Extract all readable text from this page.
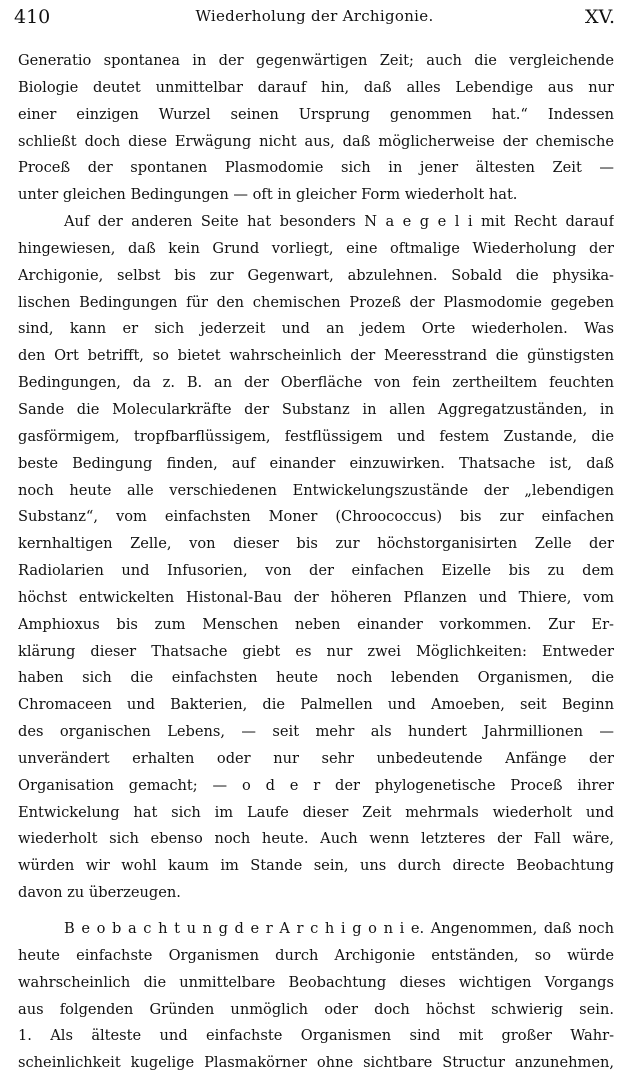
410	Wiederholung der Archigonie.	XV.
Generatio spontanea in der gegenwärtigen Zeit; auch die vergleichende
Biologie deutet unmittelbar darauf hin, daß alles Lebendige aus nur
einer einzigen Wurzel seinen Ursprung genommen hat.“ Indessen
schließt doch diese Erwägung nicht aus, daß möglicherweise der chemische
Proceß der spontanen Plasmodomie sich in jener ältesten Zeit —
unter gleichen Bedingungen — oft in gleicher Form wiederholt hat.
Auf der anderen Seite hat besonders N a e g e l i mit Recht darauf
hingewiesen, daß kein Grund vorliegt, eine oftmalige Wiederholung der
Archigonie, selbst bis zur Gegenwart, abzulehnen. Sobald die physika-
lischen Bedingungen für den chemischen Prozeß der Plasmodomie gegeben
sind, kann er sich jederzeit und an jedem Orte wiederholen. Was
den Ort betrifft, so bietet wahrscheinlich der Meeresstrand die günstigsten
Bedingungen, da z. B. an der Oberfläche von fein zertheiltem feuchten
Sande die Molecularkräfte der Substanz in allen Aggregatzuständen, in
gasförmigem, tropfbarflüssigem, festflüssigem und festem Zustande, die
beste Bedingung finden, auf einander einzuwirken. Thatsache ist, daß
noch heute alle verschiedenen Entwickelungszustände der „lebendigen
Substanz“, vom einfachsten Moner (Chroococcus) bis zur einfachen
kernhaltigen Zelle, von dieser bis zur höchstorganisirten Zelle der
Radiolarien und Infusorien, von der einfachen Eizelle bis zu dem
höchst entwickelten Histonal-Bau der höheren Pflanzen und Thiere, vom
Amphioxus bis zum Menschen neben einander vorkommen. Zur Er-
klärung dieser Thatsache giebt es nur zwei Möglichkeiten: Entweder
haben sich die einfachsten heute noch lebenden Organismen, die
Chromaceen und Bakterien, die Palmellen und Amoeben, seit Beginn
des organischen Lebens, — seit mehr als hundert Jahrmillionen —
unverändert erhalten oder nur sehr unbedeutende Anfänge der
Organisation gemacht; — o d e r der phylogenetische Proceß ihrer
Entwickelung hat sich im Laufe dieser Zeit mehrmals wiederholt und
wiederholt sich ebenso noch heute. Auch wenn letzteres der Fall wäre,
würden wir wohl kaum im Stande sein, uns durch directe Beobachtung
davon zu überzeugen.
B e o b a c h t u n g d e r A r c h i g o n i e. Angenommen, daß noch
heute einfachste Organismen durch Archigonie entständen, so würde
wahrscheinlich die unmittelbare Beobachtung dieses wichtigen Vorgangs
aus folgenden Gründen unmöglich oder doch höchst schwierig sein.
1. Als älteste und einfachste Organismen sind mit großer Wahr-
scheinlichkeit kugelige Plasmakörner ohne sichtbare Structur anzunehmen,
